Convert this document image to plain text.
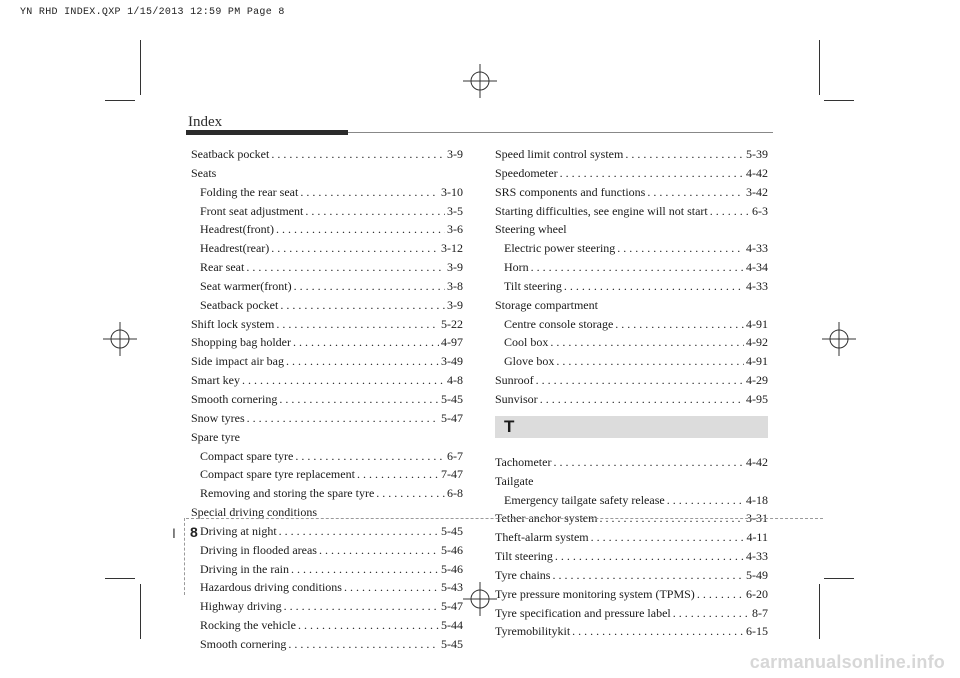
YN RHD INDEX.QXP 1/15/2013 12:59 PM Page 8
Index
Seatback pocket . . .	3-9
Seats
Folding the rear seat . . .	3-10
Front seat adjustment . . .	3-5
Headrest(front) . . .	3-6
Headrest(rear) . . .	3-12
Rear seat . . .	3-9
Seat warmer(front) . . .	3-8
Seatback pocket . . .	3-9
Shift lock system . . .	5-22
Shopping bag holder . . .	4-97
Side impact air bag . . .	3-49
Smart key . . .	4-8
Smooth cornering . . .	5-45
Snow tyres . . .	5-47
Spare tyre
Compact spare tyre . . .	6-7
Compact spare tyre replacement . . .	7-47
Removing and storing the spare tyre . . .	6-8
Special driving conditions
Driving at night . . .	5-45
Driving in flooded areas . . .	5-46
Driving in the rain . . .	5-46
Hazardous driving conditions . . .	5-43
Highway driving . . .	5-47
Rocking the vehicle . . .	5-44
Smooth cornering . . .	5-45
Speed limit control system . . .	5-39
Speedometer . . .	4-42
SRS components and functions . . .	3-42
Starting difficulties, see engine will not start . . .	6-3
Steering wheel
Electric power steering . . .	4-33
Horn . . .	4-34
Tilt steering . . .	4-33
Storage compartment
Centre console storage . . .	4-91
Cool box . . .	4-92
Glove box . . .	4-91
Sunroof . . .	4-29
Sunvisor . . .	4-95
T
Tachometer . . .	4-42
Tailgate
Emergency tailgate safety release . . .	4-18
Tether anchor system . . .	3-31
Theft-alarm system . . .	4-11
Tilt steering . . .	4-33
Tyre chains . . .	5-49
Tyre pressure monitoring system (TPMS) . . .	6-20
Tyre specification and pressure label . . .	8-7
Tyremobilitykit . . .	6-15
I 8
carmanualsonline.info
